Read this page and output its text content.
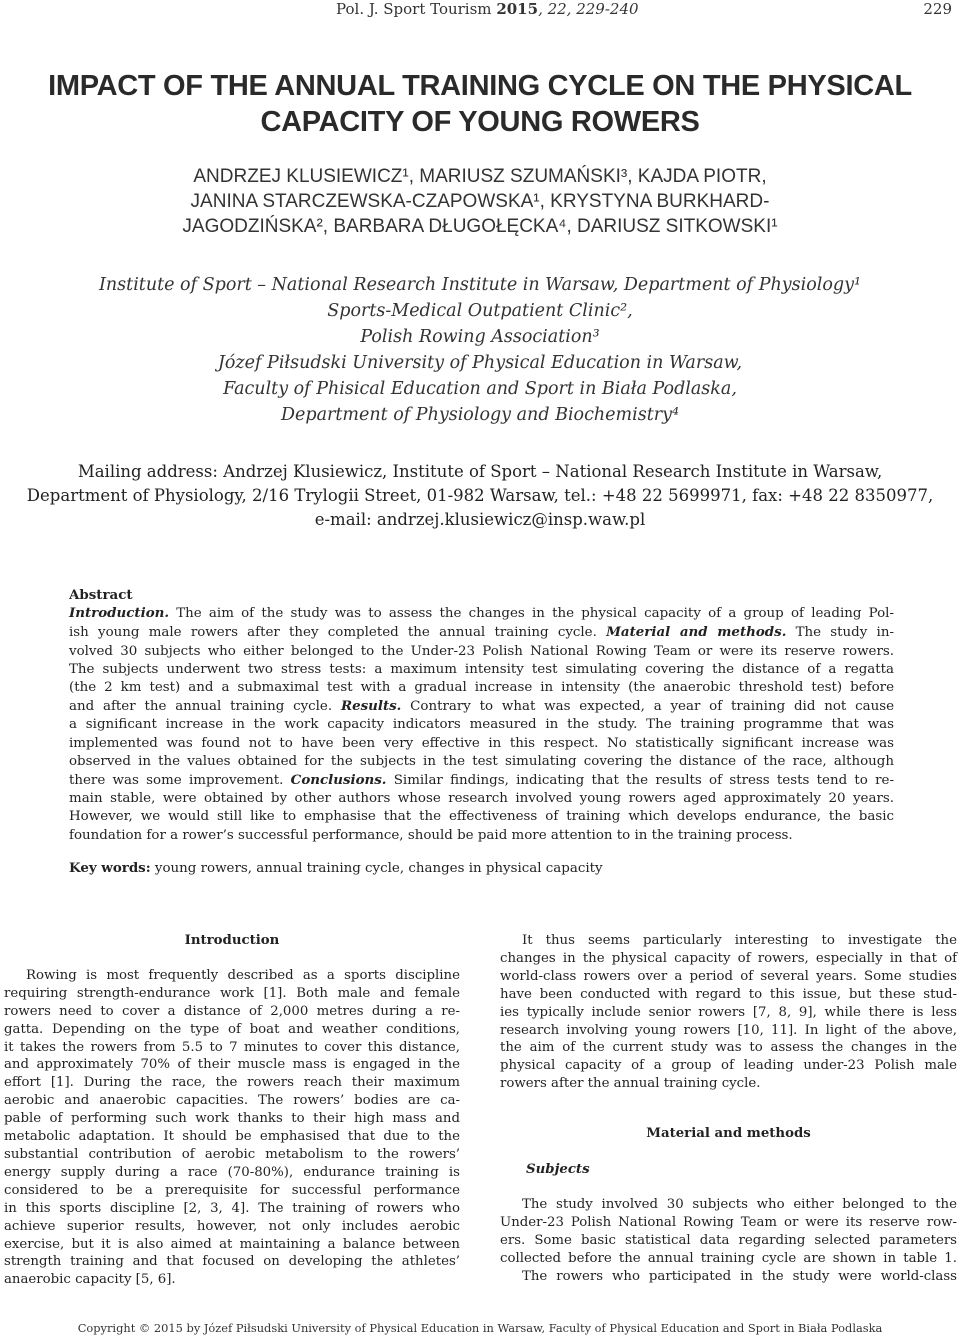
Pol. J. Sport Tourism 2015, 22, 229-240	229
IMPACT OF THE ANNUAL TRAINING CYCLE ON THE PHYSICAL
CAPACITY OF YOUNG ROWERS
ANDRZEJ KLUSIEWICZ¹, MARIUSZ SZUMAŃSKI³, KAJDA PIOTR,
JANINA STARCZEWSKA-CZAPOWSKA¹, KRYSTYNA BURKHARD-
JAGODZIŃSKA², BARBARA DŁUGOŁĘCKA⁴, DARIUSZ SITKOWSKI¹
Institute of Sport – National Research Institute in Warsaw, Department of Physiology¹
Sports-Medical Outpatient Clinic²,
Polish Rowing Association³
Józef Piłsudski University of Physical Education in Warsaw,
Faculty of Phisical Education and Sport in Biała Podlaska,
Department of Physiology and Biochemistry⁴
Mailing address: Andrzej Klusiewicz, Institute of Sport – National Research Institute in Warsaw,
Department of Physiology, 2/16 Trylogii Street, 01-982 Warsaw, tel.: +48 22 5699971, fax: +48 22 8350977,
e-mail: andrzej.klusiewicz@insp.waw.pl
Abstract
Introduction. The aim of the study was to assess the changes in the physical capacity of a group of leading Pol-
ish young male rowers after they completed the annual training cycle. Material and methods. The study in-
volved 30 subjects who either belonged to the Under-23 Polish National Rowing Team or were its reserve rowers.
The subjects underwent two stress tests: a maximum intensity test simulating covering the distance of a regatta
(the 2 km test) and a submaximal test with a gradual increase in intensity (the anaerobic threshold test) before
and after the annual training cycle. Results. Contrary to what was expected, a year of training did not cause
a significant increase in the work capacity indicators measured in the study. The training programme that was
implemented was found not to have been very effective in this respect. No statistically significant increase was
observed in the values obtained for the subjects in the test simulating covering the distance of the race, although
there was some improvement. Conclusions. Similar findings, indicating that the results of stress tests tend to re-
main stable, were obtained by other authors whose research involved young rowers aged approximately 20 years.
However, we would still like to emphasise that the effectiveness of training which develops endurance, the basic
foundation for a rower’s successful performance, should be paid more attention to in the training process.
Key words: young rowers, annual training cycle, changes in physical capacity
Introduction
Rowing is most frequently described as a sports discipline
requiring strength-endurance work [1]. Both male and female
rowers need to cover a distance of 2,000 metres during a re-
gatta. Depending on the type of boat and weather conditions,
it takes the rowers from 5.5 to 7 minutes to cover this distance,
and approximately 70% of their muscle mass is engaged in the
effort [1]. During the race, the rowers reach their maximum
aerobic and anaerobic capacities. The rowers’ bodies are ca-
pable of performing such work thanks to their high mass and
metabolic adaptation. It should be emphasised that due to the
substantial contribution of aerobic metabolism to the rowers’
energy supply during a race (70-80%), endurance training is
considered to be a prerequisite for successful performance
in this sports discipline [2, 3, 4]. The training of rowers who
achieve superior results, however, not only includes aerobic
exercise, but it is also aimed at maintaining a balance between
strength training and that focused on developing the athletes’
anaerobic capacity [5, 6].
It thus seems particularly interesting to investigate the
changes in the physical capacity of rowers, especially in that of
world-class rowers over a period of several years. Some studies
have been conducted with regard to this issue, but these stud-
ies typically include senior rowers [7, 8, 9], while there is less
research involving young rowers [10, 11]. In light of the above,
the aim of the current study was to assess the changes in the
physical capacity of a group of leading under-23 Polish male
rowers after the annual training cycle.
Material and methods
Subjects
The study involved 30 subjects who either belonged to the
Under-23 Polish National Rowing Team or were its reserve row-
ers. Some basic statistical data regarding selected parameters
collected before the annual training cycle are shown in table 1.
The rowers who participated in the study were world-class
Copyright © 2015 by Józef Piłsudski University of Physical Education in Warsaw, Faculty of Physical Education and Sport in Biała Podlaska
